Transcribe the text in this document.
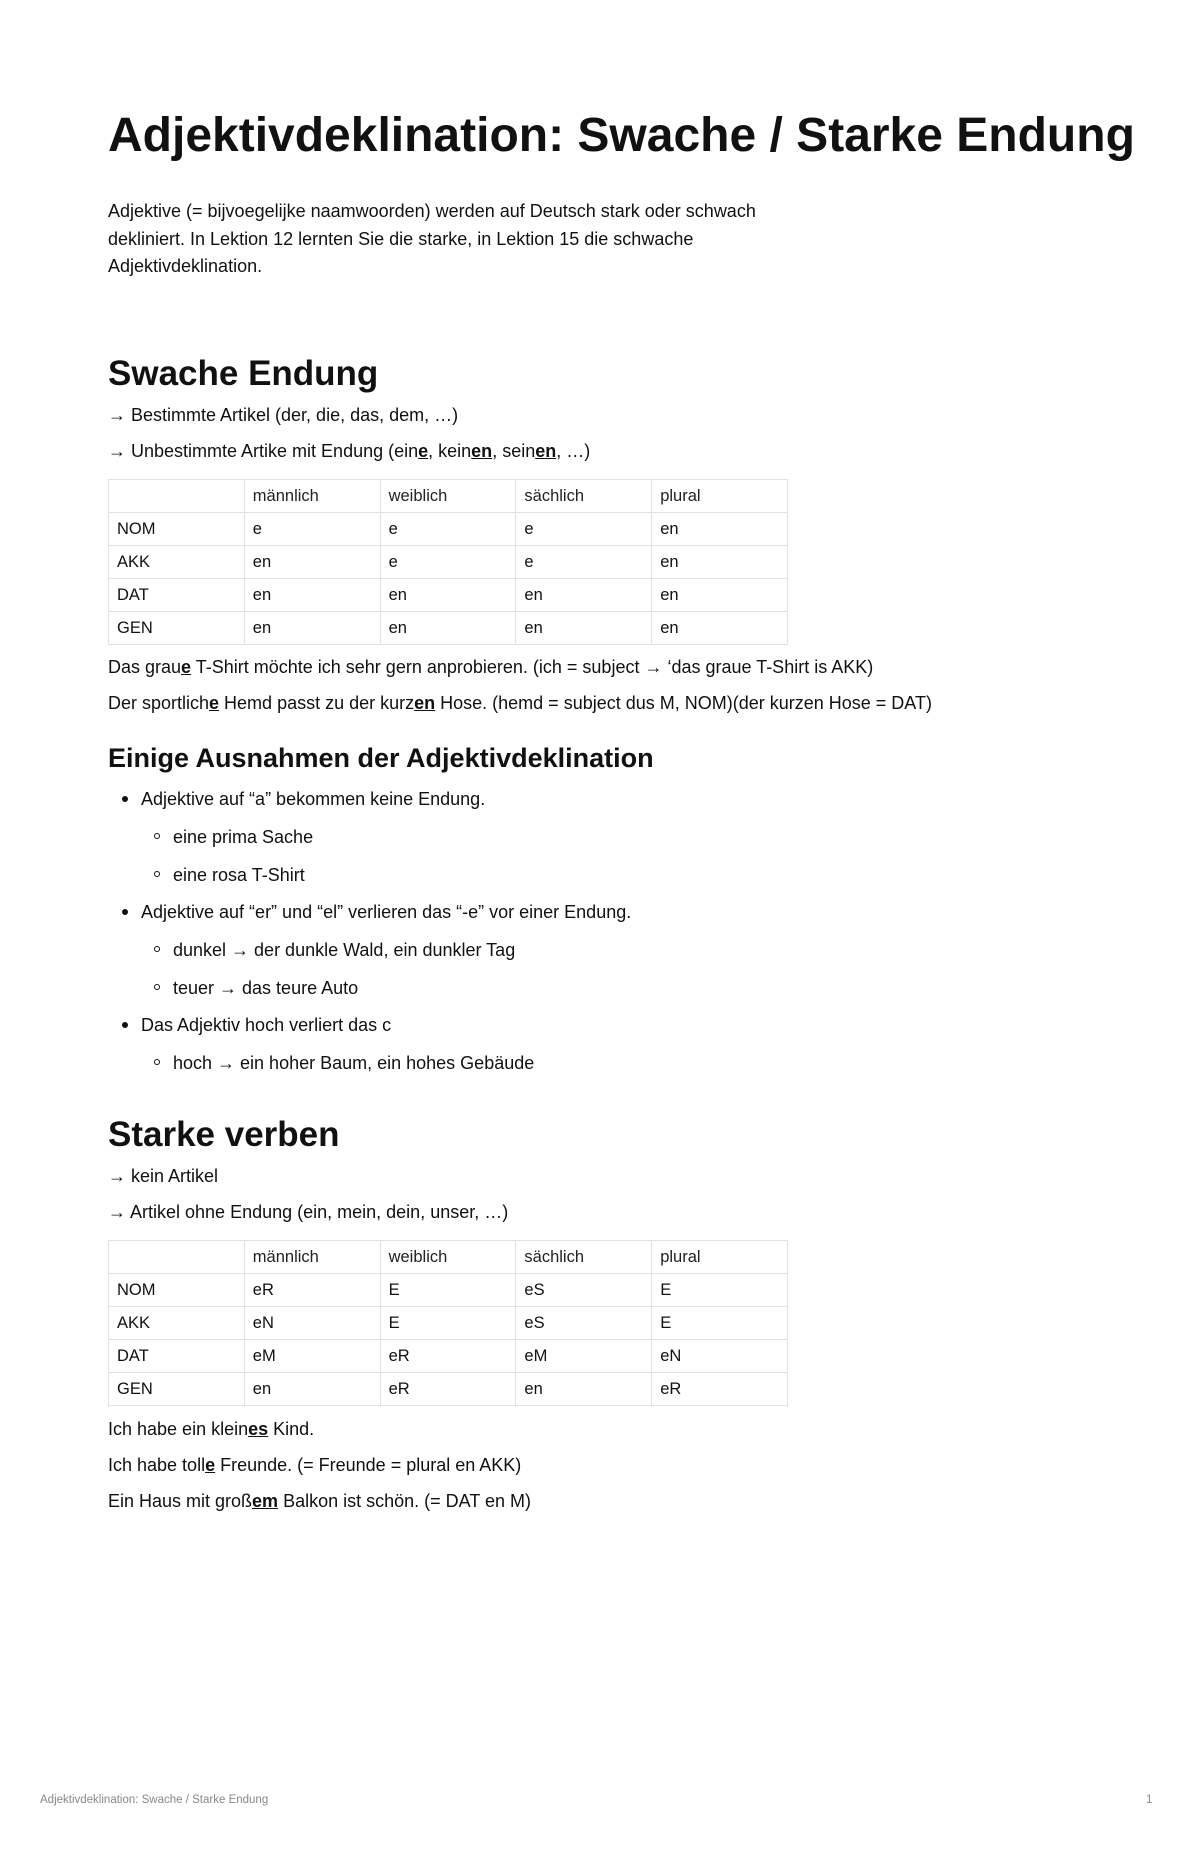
Adjektivdeklination: Swache / Starke Endung

Adjektive (= bijvoegelijke naamwoorden) werden auf Deutsch stark oder schwach dekliniert. In Lektion 12 lernten Sie die starke, in Lektion 15 die schwache Adjektivdeklination.

Swache Endung

→ Bestimmte Artikel (der, die, das, dem, …)

→ Unbestimmte Artike mit Endung (eine, keinen, seinen, …)

	männlich	weiblich	sächlich	plural
NOM	e	e	e	en
AKK	en	e	e	en
DAT	en	en	en	en
GEN	en	en	en	en

Das graue T-Shirt möchte ich sehr gern anprobieren. (ich = subject → ‘das graue T-Shirt is AKK)

Der sportliche Hemd passt zu der kurzen Hose. (hemd = subject dus M, NOM)(der kurzen Hose = DAT)

Einige Ausnahmen der Adjektivdeklination
Adjektive auf “a” bekommen keine Endung.
eine prima Sache
eine rosa T-Shirt
Adjektive auf “er” und “el” verlieren das “-e” vor einer Endung.
dunkel → der dunkle Wald, ein dunkler Tag
teuer → das teure Auto
Das Adjektiv hoch verliert das c
hoch → ein hoher Baum, ein hohes Gebäude
Starke verben

→ kein Artikel

→ Artikel ohne Endung (ein, mein, dein, unser, …)

	männlich	weiblich	sächlich	plural
NOM	eR	E	eS	E
AKK	eN	E	eS	E
DAT	eM	eR	eM	eN
GEN	en	eR	en	eR

Ich habe ein kleines Kind.

Ich habe tolle Freunde. (= Freunde = plural en AKK)

Ein Haus mit großem Balkon ist schön. (= DAT en M)

Adjektivdeklination: Swache / Starke Endung	1
